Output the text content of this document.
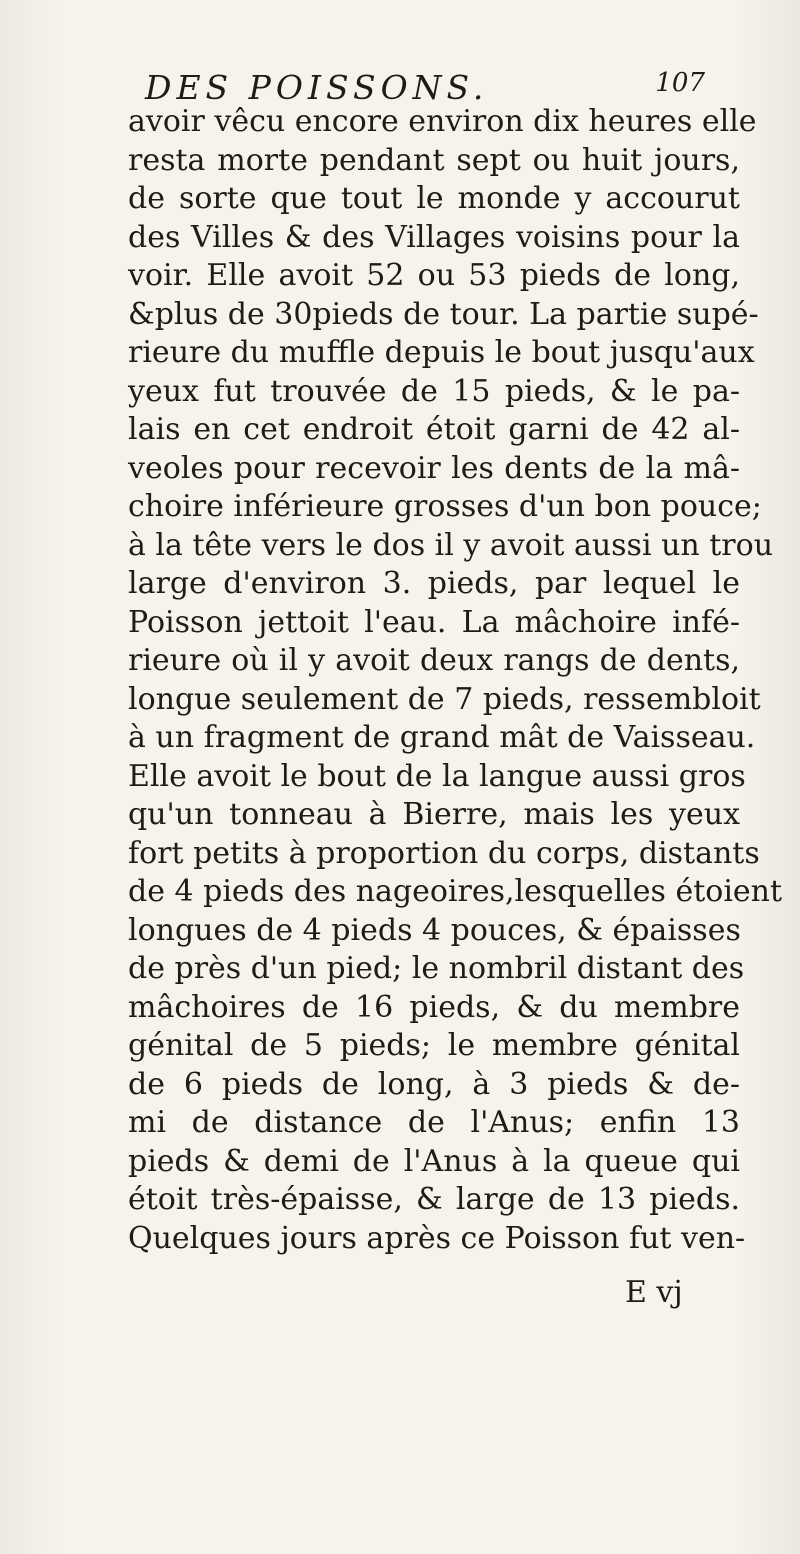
DES POISSONS.	107
avoir vêcu encore environ dix heures elle
resta morte pendant sept ou huit jours,
de sorte que tout le monde y accourut
des Villes & des Villages voisins pour la
voir. Elle avoit 52 ou 53 pieds de long,
&plus de 30pieds de tour. La partie supé-
rieure du muffle depuis le bout jusqu'aux
yeux fut trouvée de 15 pieds, & le pa-
lais en cet endroit étoit garni de 42 al-
veoles pour recevoir les dents de la mâ-
choire inférieure grosses d'un bon pouce;
à la tête vers le dos il y avoit aussi un trou
large d'environ 3. pieds, par lequel le
Poisson jettoit l'eau. La mâchoire infé-
rieure où il y avoit deux rangs de dents,
longue seulement de 7 pieds, ressembloit
à un fragment de grand mât de Vaisseau.
Elle avoit le bout de la langue aussi gros
qu'un tonneau à Bierre, mais les yeux
fort petits à proportion du corps, distants
de 4 pieds des nageoires,lesquelles étoient
longues de 4 pieds 4 pouces, & épaisses
de près d'un pied; le nombril distant des
mâchoires de 16 pieds, & du membre
génital de 5 pieds; le membre génital
de 6 pieds de long, à 3 pieds & de-
mi de distance de l'Anus; enfin 13
pieds & demi de l'Anus à la queue qui
étoit très-épaisse, & large de 13 pieds.
Quelques jours après ce Poisson fut ven-
E vj
